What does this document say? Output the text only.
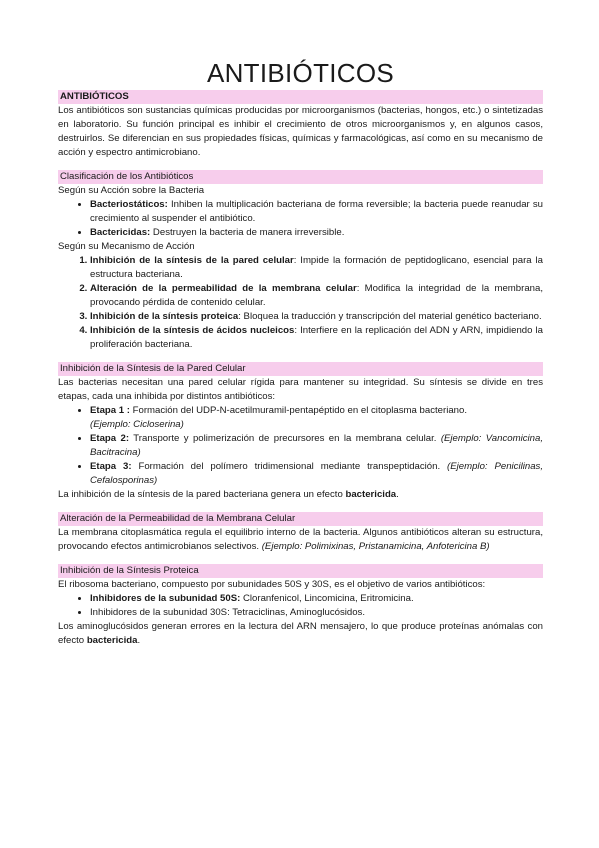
ANTIBIÓTICOS
ANTIBIÓTICOS

Los antibióticos son sustancias químicas producidas por microorganismos (bacterias, hongos, etc.) o sintetizadas en laboratorio. Su función principal es inhibir el crecimiento de otros microorganismos y, en algunos casos, destruirlos. Se diferencian en sus propiedades físicas, químicas y farmacológicas, así como en su mecanismo de acción y espectro antimicrobiano.

Clasificación de los Antibióticos
Según su Acción sobre la Bacteria
• Bacteriostáticos: Inhiben la multiplicación bacteriana de forma reversible; la bacteria puede reanudar su crecimiento al suspender el antibiótico.
• Bactericidas: Destruyen la bacteria de manera irreversible.
Según su Mecanismo de Acción
1. Inhibición de la síntesis de la pared celular: Impide la formación de peptidoglicano, esencial para la estructura bacteriana.
2. Alteración de la permeabilidad de la membrana celular: Modifica la integridad de la membrana, provocando pérdida de contenido celular.
3. Inhibición de la síntesis proteica: Bloquea la traducción y transcripción del material genético bacteriano.
4. Inhibición de la síntesis de ácidos nucleicos: Interfiere en la replicación del ADN y ARN, impidiendo la proliferación bacteriana.
Inhibición de la Síntesis de la Pared Celular

Las bacterias necesitan una pared celular rígida para mantener su integridad. Su síntesis se divide en tres etapas, cada una inhibida por distintos antibióticos:

• Etapa 1 : Formación del UDP-N-acetilmuramil-pentapéptido en el citoplasma bacteriano.
(Ejemplo: Cicloserina)
• Etapa 2: Transporte y polimerización de precursores en la membrana celular. (Ejemplo: Vancomicina, Bacitracina)
• Etapa 3: Formación del polímero tridimensional mediante transpeptidación. (Ejemplo: Penicilinas, Cefalosporinas)

La inhibición de la síntesis de la pared bacteriana genera un efecto bactericida.

Alteración de la Permeabilidad de la Membrana Celular

La membrana citoplasmática regula el equilibrio interno de la bacteria. Algunos antibióticos alteran su estructura, provocando efectos antimicrobianos selectivos. (Ejemplo: Polimixinas, Pristanamicina, Anfotericina B)

Inhibición de la Síntesis Proteica

El ribosoma bacteriano, compuesto por subunidades 50S y 30S, es el objetivo de varios antibióticos:

• Inhibidores de la subunidad 50S: Cloranfenicol, Lincomicina, Eritromicina.
• Inhibidores de la subunidad 30S: Tetraciclinas, Aminoglucósidos.

Los aminoglucósidos generan errores en la lectura del ARN mensajero, lo que produce proteínas anómalas con efecto bactericida.
